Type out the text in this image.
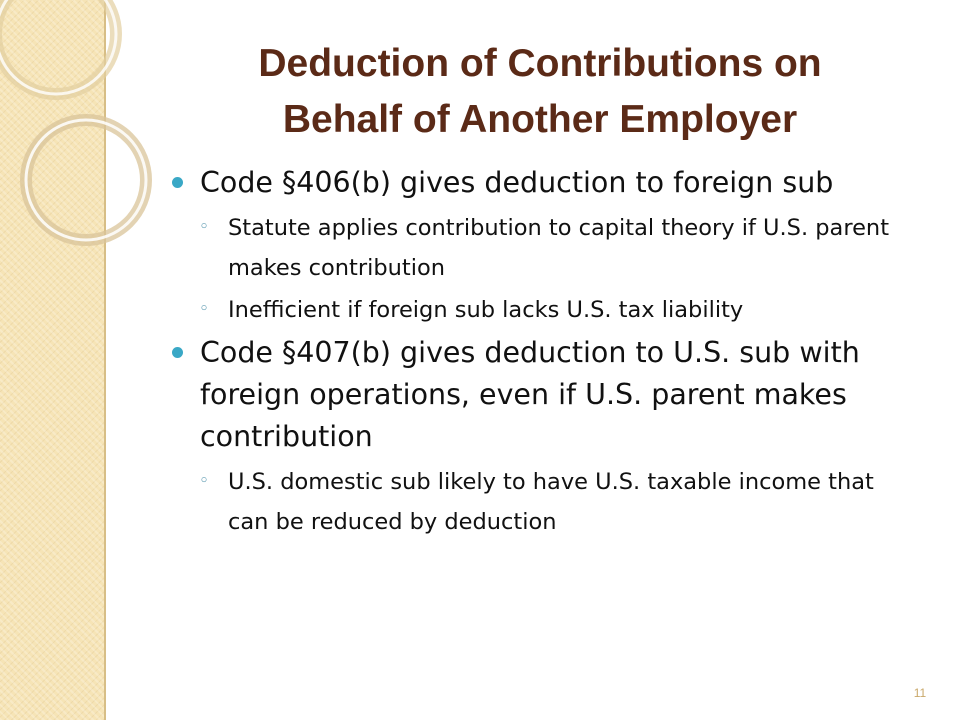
Deduction of Contributions on
Behalf of Another Employer
Code §406(b) gives deduction to foreign sub
◦ Statute applies contribution to capital theory if U.S. parent makes contribution
◦ Inefficient if foreign sub lacks U.S. tax liability
Code §407(b) gives deduction to U.S. sub with foreign operations, even if U.S. parent makes contribution
◦ U.S. domestic sub likely to have U.S. taxable income that can be reduced by deduction
11
